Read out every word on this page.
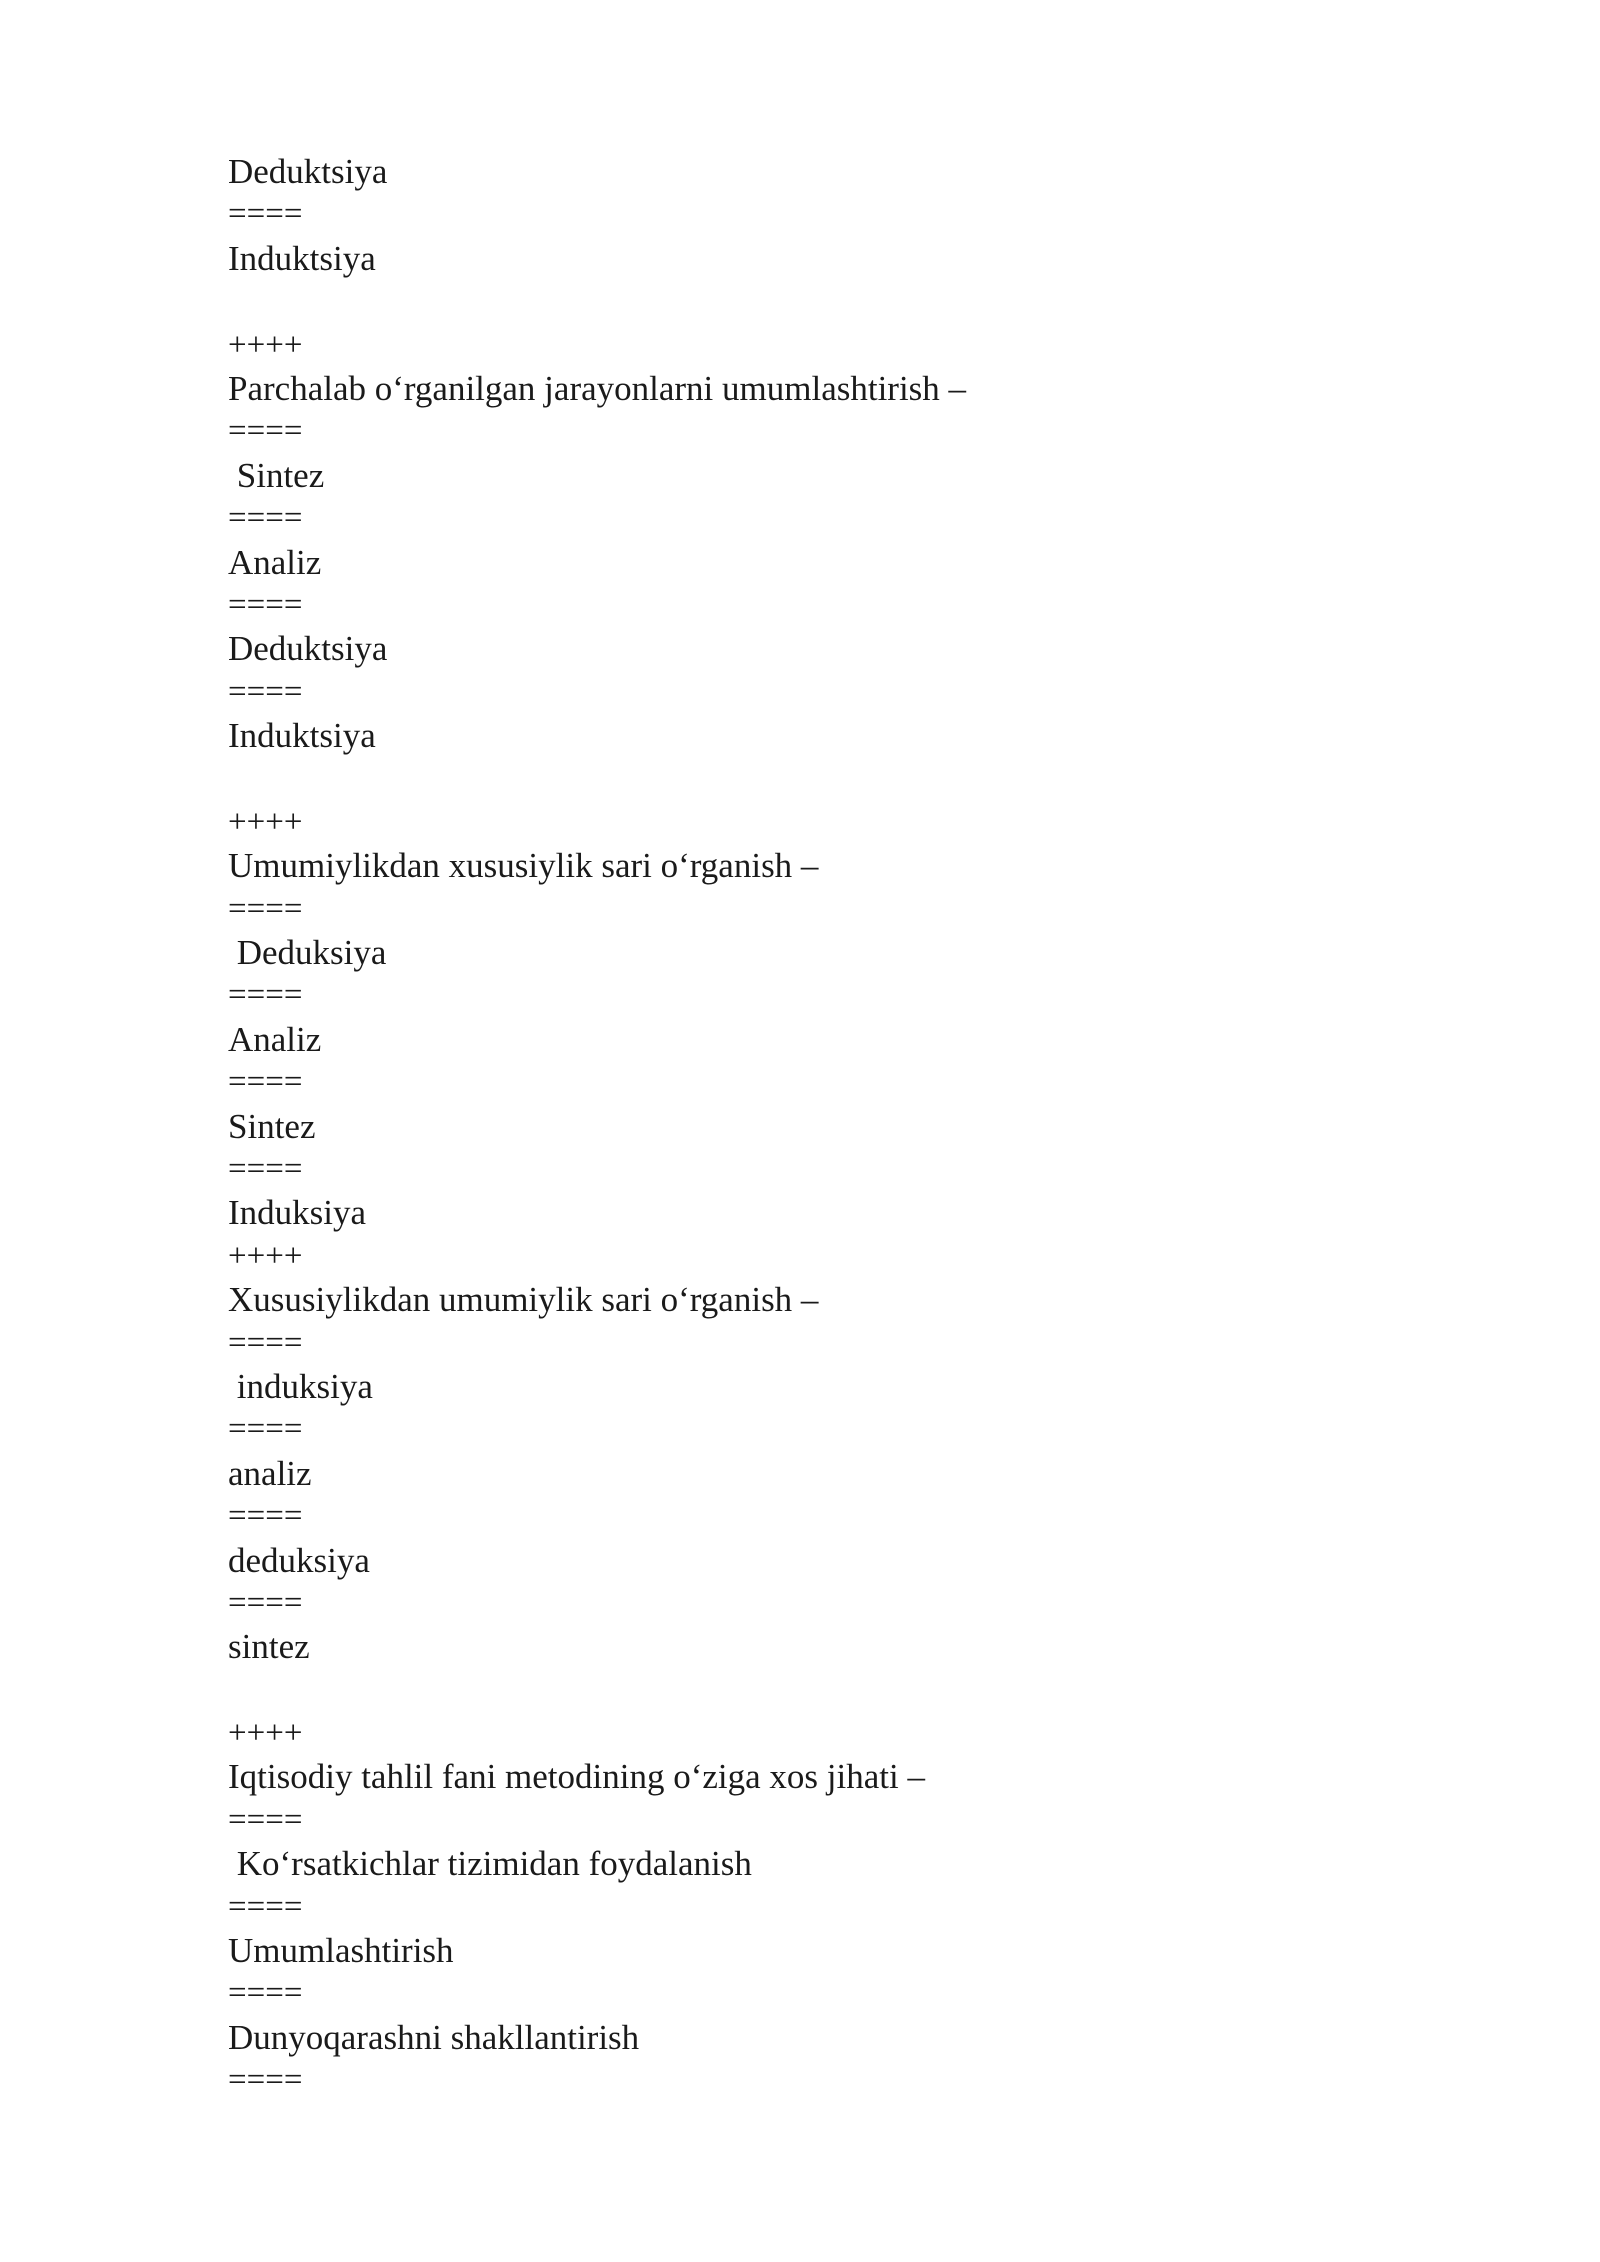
Deduktsiya
====
Induktsiya
++++
Parchalab o‘rganilgan jarayonlarni umumlashtirish –
====
Sintez
====
Analiz
====
Deduktsiya
====
Induktsiya
++++
Umumiylikdan xususiylik sari o‘rganish –
====
Deduksiya
====
Analiz
====
Sintez
====
Induksiya
++++
Xususiylikdan umumiylik sari o‘rganish –
====
induksiya
====
analiz
====
deduksiya
====
sintez
++++
Iqtisodiy tahlil fani metodining o‘ziga xos jihati –
====
Ko‘rsatkichlar tizimidan foydalanish
====
Umumlashtirish
====
Dunyoqarashni shakllantirish
====
